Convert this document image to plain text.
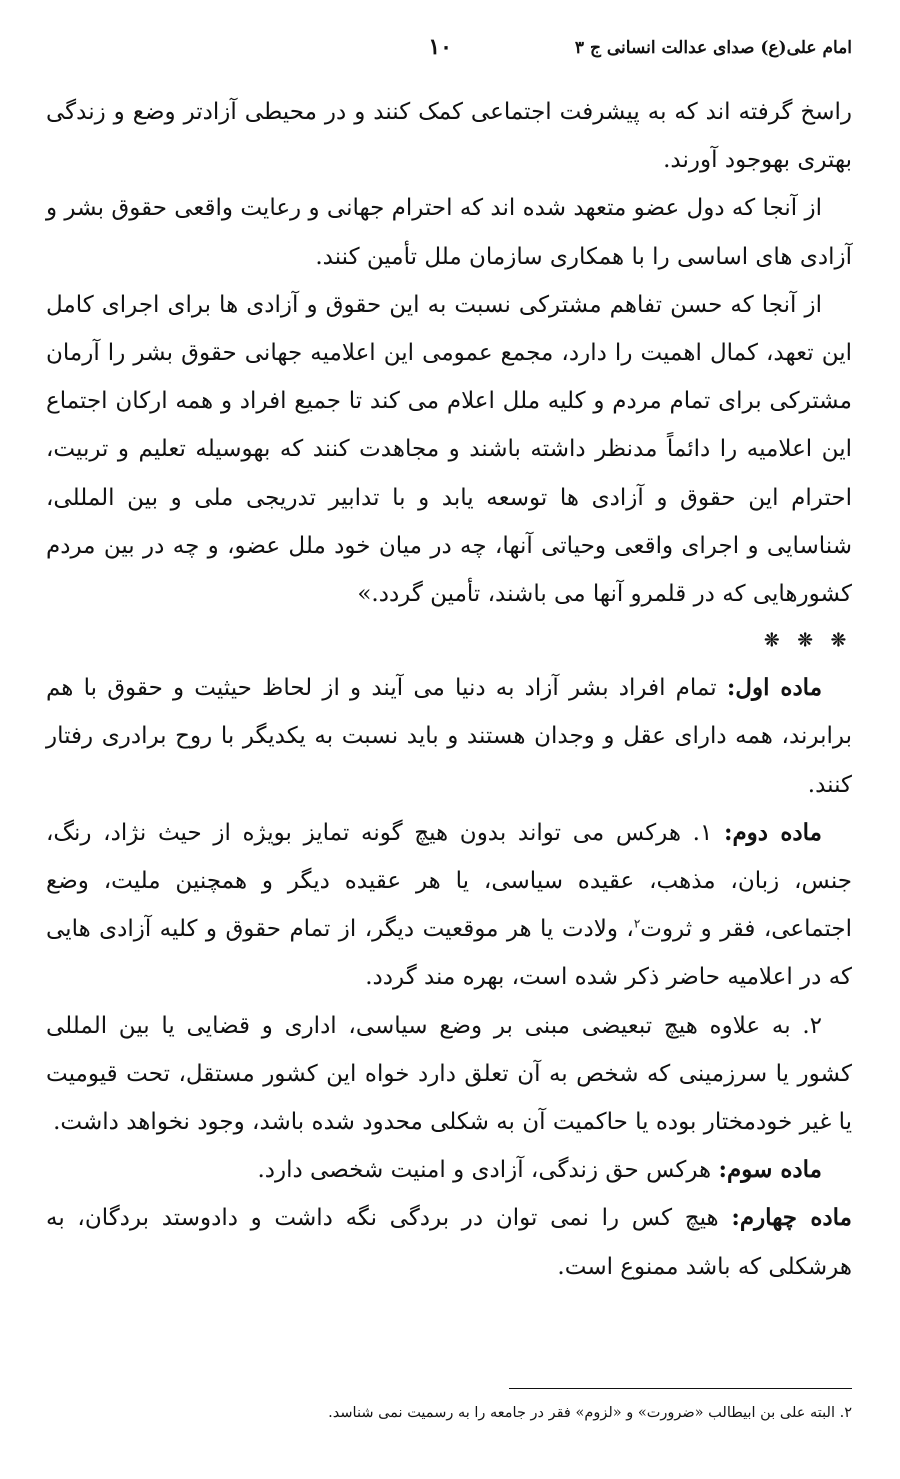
امام علی(ع) صدای عدالت انسانی ج ۳
۱۰

راسخ گرفته اند که به پیشرفت اجتماعی کمک کنند و در محیطی آزادتر وضع و زندگی بهتری بهوجود آورند.

از آنجا که دول عضو متعهد شده اند که احترام جهانی و رعایت واقعی حقوق بشر و آزادی های اساسی را با همکاری سازمان ملل تأمین کنند.

از آنجا که حسن تفاهم مشترکی نسبت به این حقوق و آزادی ها برای اجرای کامل این تعهد، کمال اهمیت را دارد، مجمع عمومی این اعلامیه جهانی حقوق بشر را آرمان مشترکی برای تمام مردم و کلیه ملل اعلام می کند تا جمیع افراد و همه ارکان اجتماع این اعلامیه را دائماً مدنظر داشته باشند و مجاهدت کنند که بهوسیله تعلیم و تربیت، احترام این حقوق و آزادی ها توسعه یابد و با تدابیر تدریجی ملی و بین المللی، شناسایی و اجرای واقعی وحیاتی آنها، چه در میان خود ملل عضو، و چه در بین مردم کشورهایی که در قلمرو آنها می باشند، تأمین گردد.»

❊ ❊ ❊

ماده اول: تمام افراد بشر آزاد به دنیا می آیند و از لحاظ حیثیت و حقوق با هم برابرند، همه دارای عقل و وجدان هستند و باید نسبت به یکدیگر با روح برادری رفتار کنند.

ماده دوم: ۱. هرکس می تواند بدون هیچ گونه تمایز بویژه از حیث نژاد، رنگ، جنس، زبان، مذهب، عقیده سیاسی، یا هر عقیده دیگر و همچنین ملیت، وضع اجتماعی، فقر و ثروت$^۲$، ولادت یا هر موقعیت دیگر، از تمام حقوق و کلیه آزادی هایی که در اعلامیه حاضر ذکر شده است، بهره مند گردد.

۲. به علاوه هیچ تبعیضی مبنی بر وضع سیاسی، اداری و قضایی یا بین المللی کشور یا سرزمینی که شخص به آن تعلق دارد خواه این کشور مستقل، تحت قیومیت یا غیر خودمختار بوده یا حاکمیت آن به شکلی محدود شده باشد، وجود نخواهد داشت.

ماده سوم: هرکس حق زندگی، آزادی و امنیت شخصی دارد.

ماده چهارم: هیچ کس را نمی توان در بردگی نگه داشت و دادوستد بردگان، به هرشکلی که باشد ممنوع است.

۲. البته علی بن ابیطالب «ضرورت» و «لزوم» فقر در جامعه را به رسمیت نمی شناسد.
